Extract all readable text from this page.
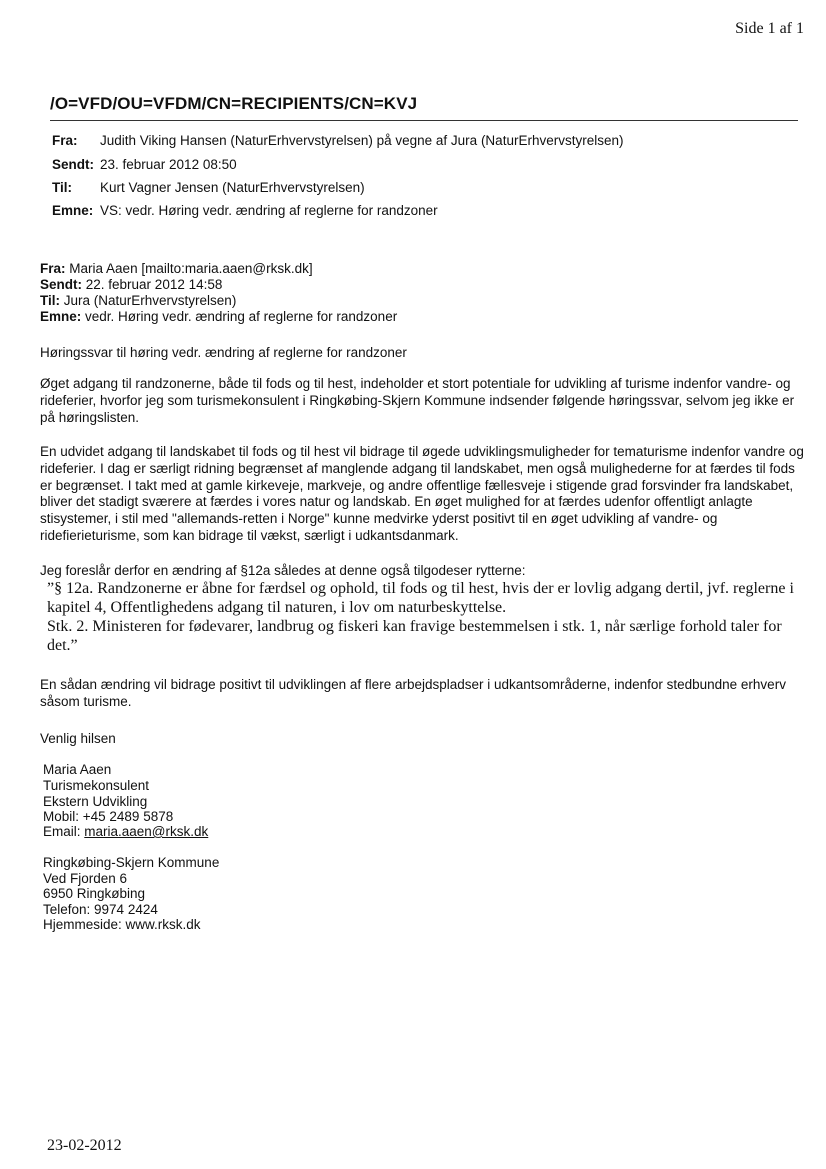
Side 1 af 1
/O=VFD/OU=VFDM/CN=RECIPIENTS/CN=KVJ
Fra: Judith Viking Hansen (NaturErhvervstyrelsen) på vegne af Jura (NaturErhvervstyrelsen)
Sendt: 23. februar 2012 08:50
Til: Kurt Vagner Jensen (NaturErhvervstyrelsen)
Emne: VS: vedr. Høring vedr. ændring af reglerne for randzoner
Fra: Maria Aaen [mailto:maria.aaen@rksk.dk]
Sendt: 22. februar 2012 14:58
Til: Jura (NaturErhvervstyrelsen)
Emne: vedr. Høring vedr. ændring af reglerne for randzoner
Høringssvar til høring vedr. ændring af reglerne for randzoner
Øget adgang til randzonerne, både til fods og til hest, indeholder et stort potentiale for udvikling af turisme indenfor vandre- og rideferier, hvorfor jeg som turismekonsulent i Ringkøbing-Skjern Kommune indsender følgende høringssvar, selvom jeg ikke er på høringslisten.
En udvidet adgang til landskabet til fods og til hest vil bidrage til øgede udviklingsmuligheder for tematurisme indenfor vandre og rideferier. I dag er særligt ridning begrænset af manglende adgang til landskabet, men også mulighederne for at færdes til fods er begrænset. I takt med at gamle kirkeveje, markveje, og andre offentlige fællesveje i stigende grad forsvinder fra landskabet, bliver det stadigt sværere at færdes i vores natur og landskab. En øget mulighed for at færdes udenfor offentligt anlagte stisystemer, i stil med "allemands-retten i Norge" kunne medvirke yderst positivt til en øget udvikling af vandre- og ridefierieturisme, som kan bidrage til vækst, særligt i udkantsdanmark.
Jeg foreslår derfor en ændring af §12a således at denne også tilgodeser rytterne:
”§ 12a. Randzonerne er åbne for færdsel og ophold, til fods og til hest, hvis der er lovlig adgang dertil, jvf. reglerne i kapitel 4, Offentlighedens adgang til naturen, i lov om naturbeskyttelse.
Stk. 2. Ministeren for fødevarer, landbrug og fiskeri kan fravige bestemmelsen i stk. 1, når særlige forhold taler for det.”
En sådan ændring vil bidrage positivt til udviklingen af flere arbejdspladser i udkantsområderne, indenfor stedbundne erhverv såsom turisme.
Venlig hilsen
Maria Aaen
Turismekonsulent
Ekstern Udvikling
Mobil: +45 2489 5878
Email: maria.aaen@rksk.dk
Ringkøbing-Skjern Kommune
Ved Fjorden 6
6950 Ringkøbing
Telefon: 9974 2424
Hjemmeside: www.rksk.dk
23-02-2012
